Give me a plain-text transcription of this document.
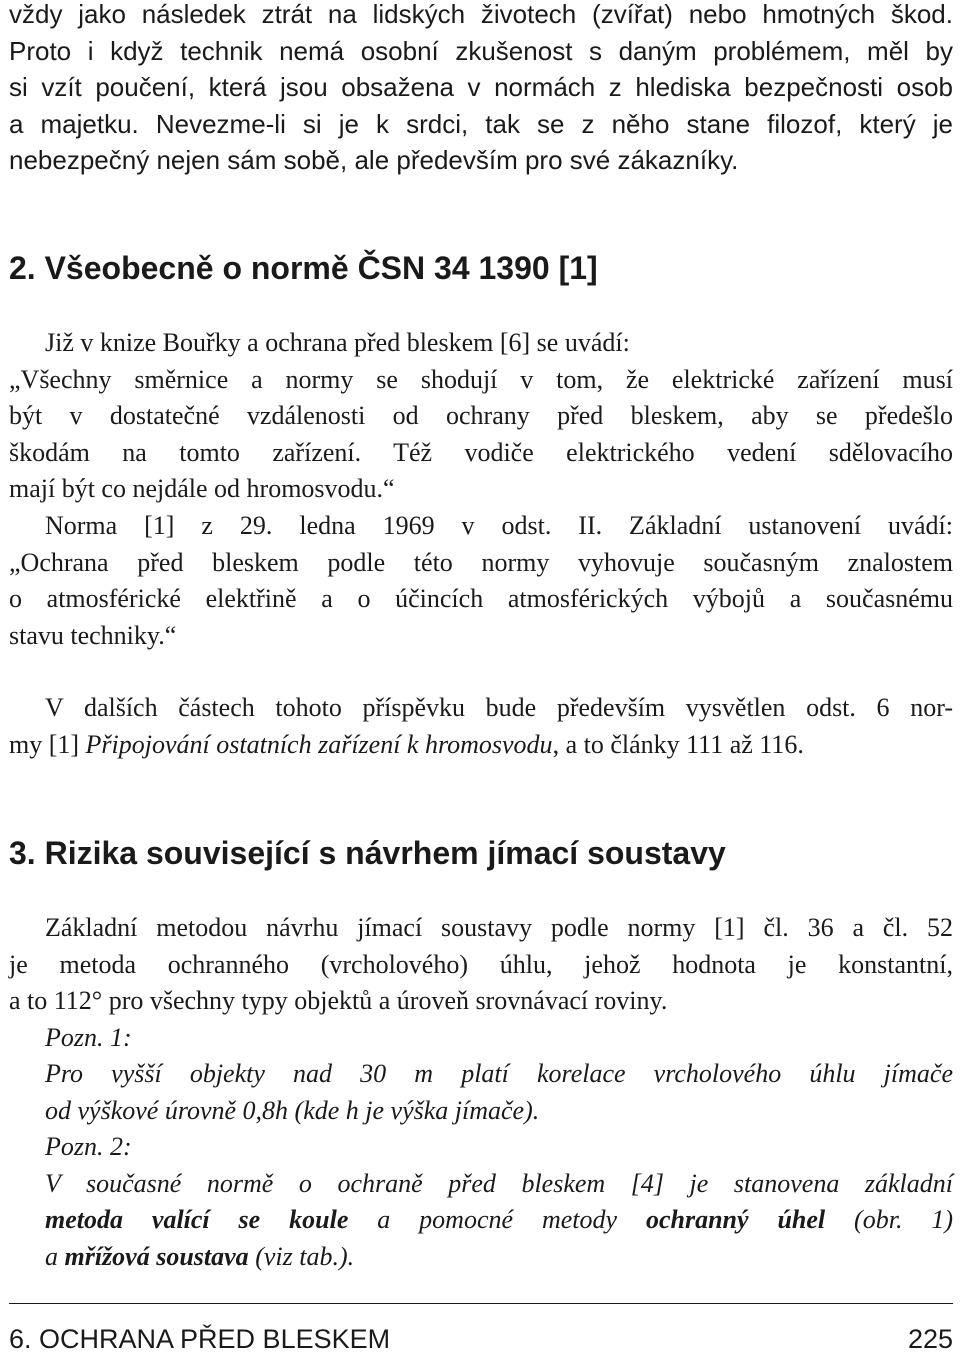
vždy jako následek ztrát na lidských životech (zvířat) nebo hmotných škod.
Proto i když technik nemá osobní zkušenost s daným problémem, měl by
si vzít poučení, která jsou obsažena v normách z hlediska bezpečnosti osob
a majetku. Nevezme-li si je k srdci, tak se z něho stane filozof, který je
nebezpečný nejen sám sobě, ale především pro své zákazníky.
2. Všeobecně o normě ČSN 34 1390 [1]
Již v knize Bouřky a ochrana před bleskem [6] se uvádí:
„Všechny směrnice a normy se shodují v tom, že elektrické zařízení musí
být v dostatečné vzdálenosti od ochrany před bleskem, aby se předešlo
škodám na tomto zařízení. Též vodiče elektrického vedení sdělovacího
mají být co nejdále od hromosvodu.“
Norma [1] z 29. ledna 1969 v odst. II. Základní ustanovení uvádí:
„Ochrana před bleskem podle této normy vyhovuje současným znalostem
o atmosférické elektřině a o účincích atmosférických výbojů a současnému
stavu techniky.“
V dalších částech tohoto příspěvku bude především vysvětlen odst. 6 nor-
my [1] Připojování ostatních zařízení k hromosvodu, a to články 111 až 116.
3. Rizika související s návrhem jímací soustavy
Základní metodou návrhu jímací soustavy podle normy [1] čl. 36 a čl. 52
je metoda ochranného (vrcholového) úhlu, jehož hodnota je konstantní,
a to 112° pro všechny typy objektů a úroveň srovnávací roviny.
Pozn. 1:
Pro vyšší objekty nad 30 m platí korelace vrcholového úhlu jímače
od výškové úrovně 0,8h (kde h je výška jímače).
Pozn. 2:
V současné normě o ochraně před bleskem [4] je stanovena základní
metoda valící se koule a pomocné metody ochranný úhel (obr. 1)
a mřížová soustava (viz tab.).
6. OCHRANA PŘED BLESKEM	225
